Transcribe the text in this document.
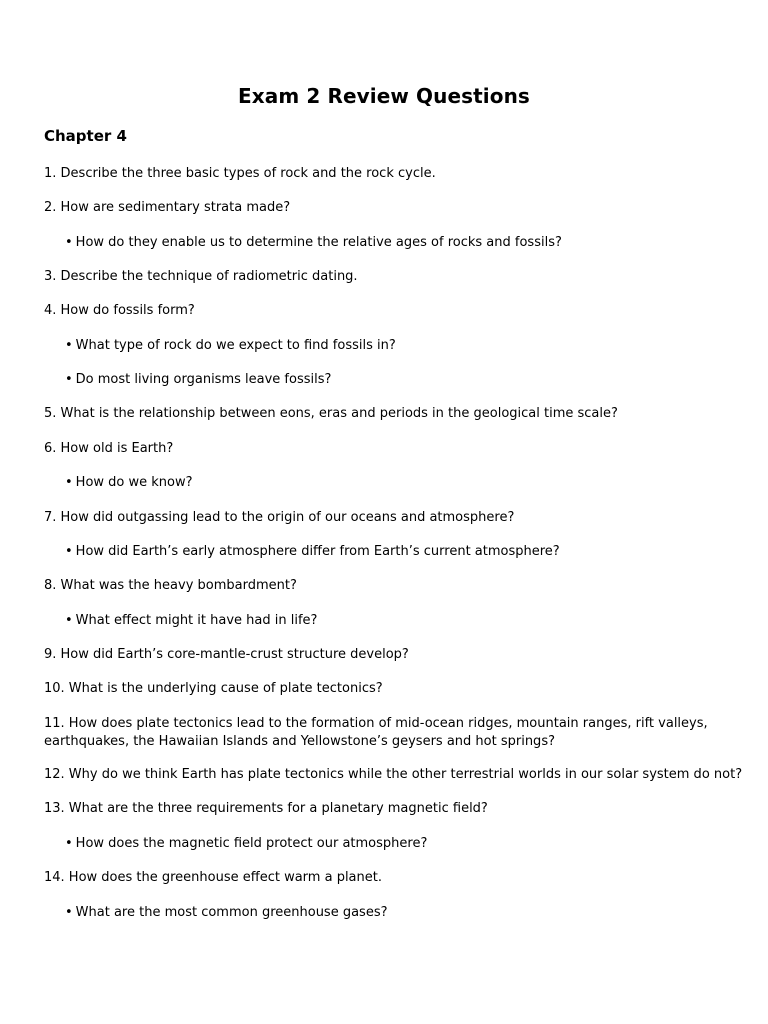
Exam 2 Review Questions
Chapter 4
1. Describe the three basic types of rock and the rock cycle.
2. How are sedimentary strata made?
• How do they enable us to determine the relative ages of rocks and fossils?
3. Describe the technique of radiometric dating.
4. How do fossils form?
• What type of rock do we expect to find fossils in?
• Do most living organisms leave fossils?
5. What is the relationship between eons, eras and periods in the geological time scale?
6. How old is Earth?
• How do we know?
7. How did outgassing lead to the origin of our oceans and atmosphere?
• How did Earth’s early atmosphere differ from Earth’s current atmosphere?
8. What was the heavy bombardment?
• What effect might it have had in life?
9. How did Earth’s core-mantle-crust structure develop?
10. What is the underlying cause of plate tectonics?
11. How does plate tectonics lead to the formation of mid-ocean ridges, mountain ranges, rift valleys, earthquakes, the Hawaiian Islands and Yellowstone’s geysers and hot springs?
12. Why do we think Earth has plate tectonics while the other terrestrial worlds in our solar system do not?
13. What are the three requirements for a planetary magnetic field?
• How does the magnetic field protect our atmosphere?
14. How does the greenhouse effect warm a planet.
• What are the most common greenhouse gases?
